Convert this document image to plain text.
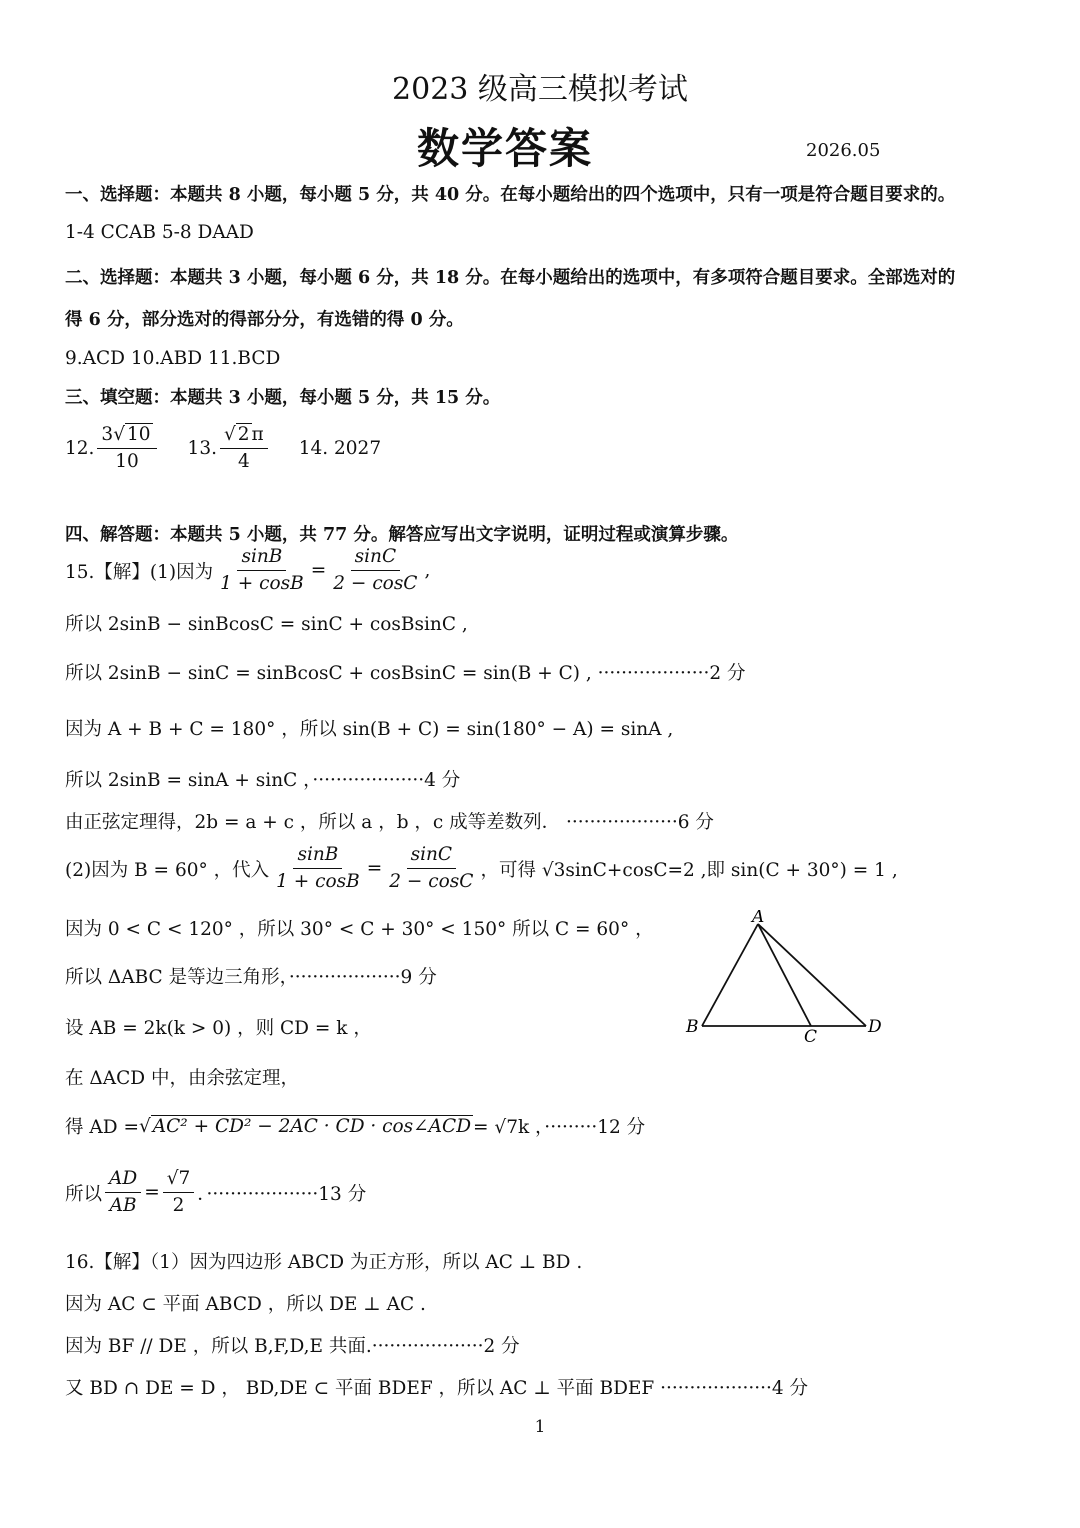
2023 级高三模拟考试
数学答案	2026.05
一、选择题：本题共 8 小题，每小题 5 分，共 40 分。在每小题给出的四个选项中，只有一项是符合题目要求的。
1-4 CCAB 5-8 DAAD
二、选择题：本题共 3 小题，每小题 6 分，共 18 分。在每小题给出的选项中，有多项符合题目要求。全部选对的
得 6 分，部分选对的得部分分，有选错的得 0 分。
9.ACD 10.ABD 11.BCD
三、填空题：本题共 3 小题，每小题 5 分，共 15 分。
12. $\frac{3√ 10}{10} 13$. $\frac{√ 2 \pi}{4} 14$. 2027
四、解答题：本题共 5 小题，共 77 分。解答应写出文字说明，证明过程或演算步骤。
15.【解】(1)因为 $\frac{\sin B}{1 + \cos B} = \frac{\sin C}{2 - \cos C}$ ,
所以 2sinB − sinBcosC = sinC + cosBsinC ,
所以 2sinB − sinC = sinBcosC + cosBsinC = sin(B + C) , ···················2 分
因为 A + B + C = 180° ，所以 sin(B + C) = sin(180° − A) = sinA ,
所以 2sinB = sinA + sinC ，···················4 分
由正弦定理得，2b = a + c ，所以 a ，b ，c 成等差数列． ···················6 分
(2)因为 B = 60° ，代入 $\frac{\sin B}{1 + \cos B} = \frac{\sin C}{2 - \cos C}$ ，可得 √3sinC+cosC=2 ,即 sin(C + 30°) = 1 ,
因为 0 < C < 120° ，所以 30° < C + 30° < 150° 所以 C = 60° ，
所以 ΔABC 是等边三角形，···················9 分
设 AB = 2k(k > 0) ，则 CD = k ，
在 ΔACD 中，由余弦定理，
得 AD = √ AC² + CD² − 2AC · CD · cos∠ACD = √7k ，·········12 分
所以 $\frac{AD}{AB} = \frac{√7}{2}$ ．···················13 分
A
B	C	D
16.【解】（1）因为四边形 ABCD 为正方形，所以 AC ⊥ BD .
因为 AC ⊂ 平面 ABCD ，所以 DE ⊥ AC .
因为 BF // DE ，所以 B,F,D,E 共面.···················2 分
又 BD ∩ DE = D ， BD,DE ⊂ 平面 BDEF ，所以 AC ⊥ 平面 BDEF ···················4 分
1
